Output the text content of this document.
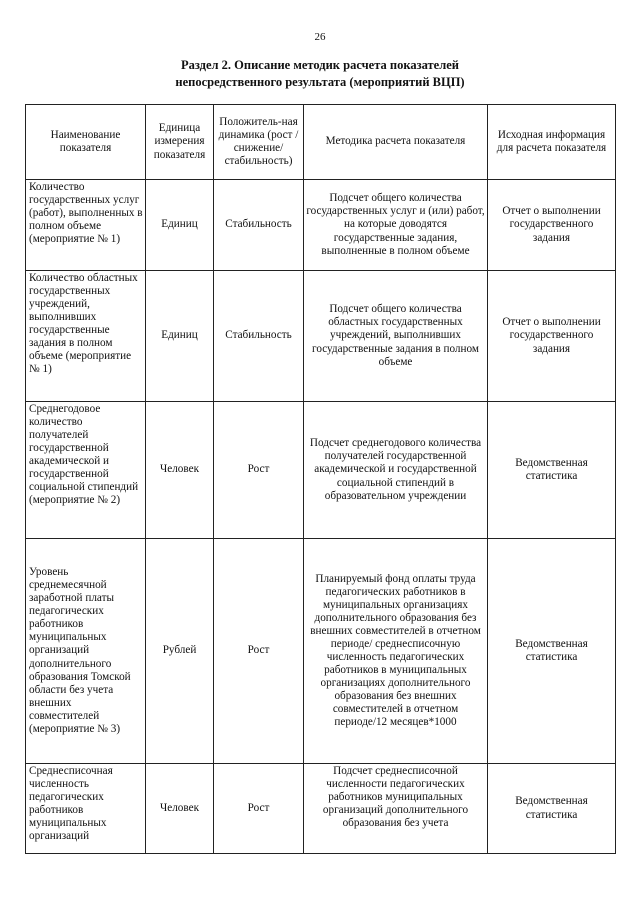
26
Раздел 2. Описание методик расчета показателей
непосредственного результата (мероприятий ВЦП)
Наименование показателя	Единица измерения показателя	Положитель-ная динамика (рост / снижение/ стабильность)	Методика расчета показателя	Исходная информация для расчета показателя
Количество государственных услуг (работ), выполненных в полном объеме (мероприятие № 1)	Единиц	Стабильность	Подсчет общего количества государственных услуг и (или) работ, на которые доводятся государственные задания, выполненные в полном объеме	Отчет о выполнении государственного задания
Количество областных государственных учреждений, выполнивших государственные задания в полном объеме (мероприятие № 1)	Единиц	Стабильность	Подсчет общего количества областных государственных учреждений, выполнивших государственные задания в полном объеме	Отчет о выполнении государственного задания
Среднегодовое количество получателей государственной академической и государственной социальной стипендий (мероприятие № 2)	Человек	Рост	Подсчет среднегодового количества получателей государственной академической и государственной социальной стипендий в образовательном учреждении	Ведомственная статистика
Уровень среднемесячной заработной платы педагогических работников муниципальных организаций дополнительного образования Томской области без учета внешних совместителей (мероприятие № 3)	Рублей	Рост	Планируемый фонд оплаты труда педагогических работников в муниципальных организациях дополнительного образования без внешних совместителей в отчетном периоде/ среднесписочную численность педагогических работников в муниципальных организациях дополнительного образования без внешних совместителей в отчетном периоде/12 месяцев*1000	Ведомственная статистика
Среднесписочная численность педагогических работников муниципальных организаций	Человек	Рост	Подсчет среднесписочной численности педагогических работников муниципальных организаций дополнительного образования без учета	Ведомственная статистика
